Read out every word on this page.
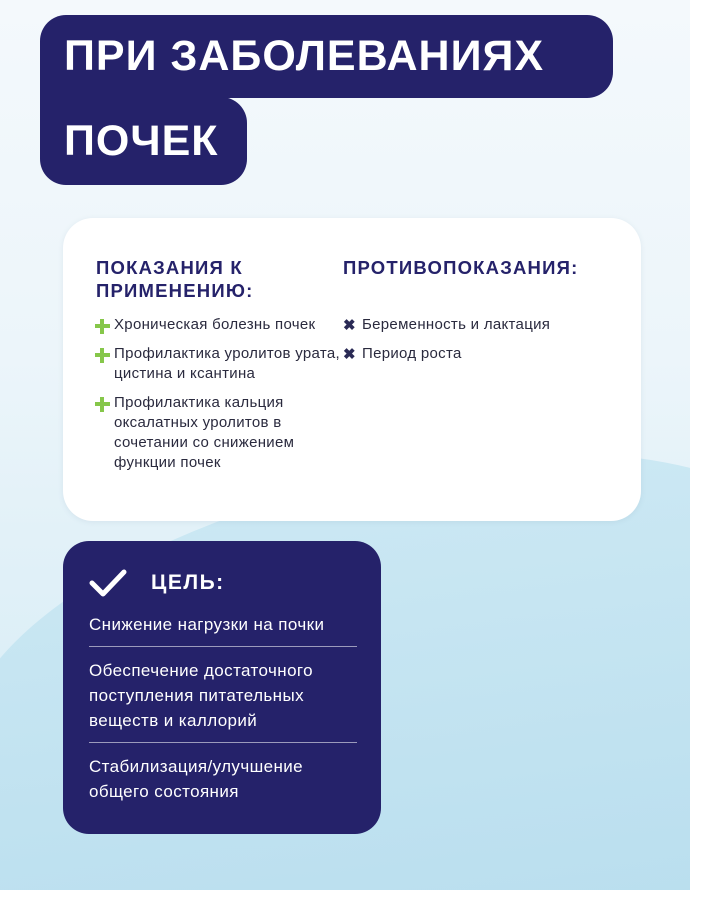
ПРИ ЗАБОЛЕВАНИЯХ
ПОЧЕК
ПОКАЗАНИЯ К ПРИМЕНЕНИЮ:
Хроническая болезнь почек
Профилактика уролитов урата, цистина и ксантина
Профилактика кальция оксалатных уролитов в сочетании со снижением функции почек
ПРОТИВОПОКАЗАНИЯ:
✖ Беременность и лактация
✖ Период роста
ЦЕЛЬ:
Снижение нагрузки на почки
Обеспечение достаточного поступления питательных веществ и каллорий
Стабилизация/улучшение общего состояния
